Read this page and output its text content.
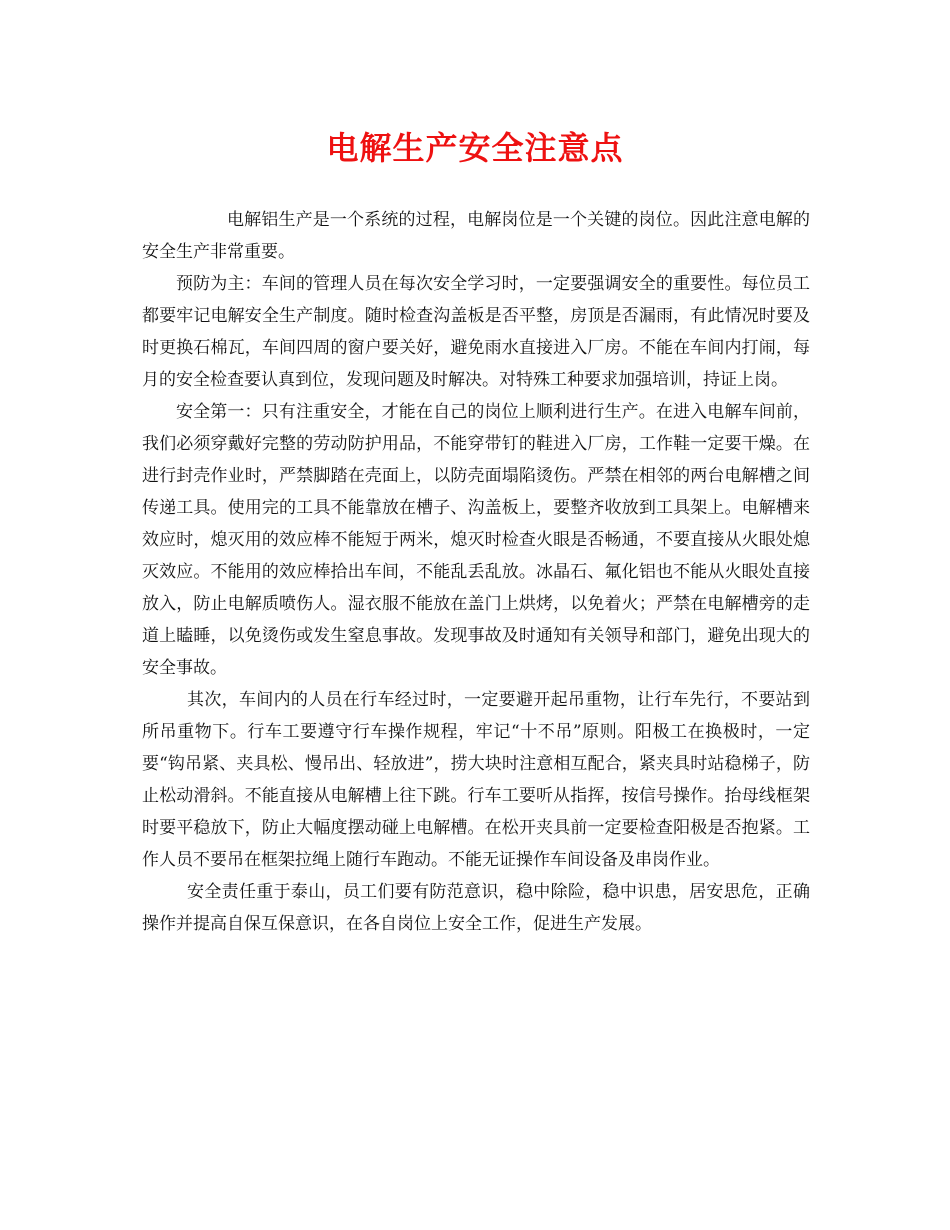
电解生产安全注意点

电解铝生产是一个系统的过程，电解岗位是一个关键的岗位。因此注意电解的安全生产非常重要。

预防为主：车间的管理人员在每次安全学习时，一定要强调安全的重要性。每位员工都要牢记电解安全生产制度。随时检查沟盖板是否平整，房顶是否漏雨，有此情况时要及时更换石棉瓦，车间四周的窗户要关好，避免雨水直接进入厂房。不能在车间内打闹，每月的安全检查要认真到位，发现问题及时解决。对特殊工种要求加强培训，持证上岗。

安全第一：只有注重安全，才能在自己的岗位上顺利进行生产。在进入电解车间前，我们必须穿戴好完整的劳动防护用品，不能穿带钉的鞋进入厂房，工作鞋一定要干燥。在进行封壳作业时，严禁脚踏在壳面上，以防壳面塌陷烫伤。严禁在相邻的两台电解槽之间传递工具。使用完的工具不能靠放在槽子、沟盖板上，要整齐收放到工具架上。电解槽来效应时，熄灭用的效应棒不能短于两米，熄灭时检查火眼是否畅通，不要直接从火眼处熄灭效应。不能用的效应棒拾出车间，不能乱丢乱放。冰晶石、氟化铝也不能从火眼处直接放入，防止电解质喷伤人。湿衣服不能放在盖门上烘烤，以免着火；严禁在电解槽旁的走道上瞌睡，以免烫伤或发生窒息事故。发现事故及时通知有关领导和部门，避免出现大的安全事故。

其次，车间内的人员在行车经过时，一定要避开起吊重物，让行车先行，不要站到所吊重物下。行车工要遵守行车操作规程，牢记“十不吊”原则。阳极工在换极时，一定要“钩吊紧、夹具松、慢吊出、轻放进”，捞大块时注意相互配合，紧夹具时站稳梯子，防止松动滑斜。不能直接从电解槽上往下跳。行车工要听从指挥，按信号操作。抬母线框架时要平稳放下，防止大幅度摆动碰上电解槽。在松开夹具前一定要检查阳极是否抱紧。工作人员不要吊在框架拉绳上随行车跑动。不能无证操作车间设备及串岗作业。

安全责任重于泰山，员工们要有防范意识，稳中除险，稳中识患，居安思危，正确操作并提高自保互保意识，在各自岗位上安全工作，促进生产发展。
